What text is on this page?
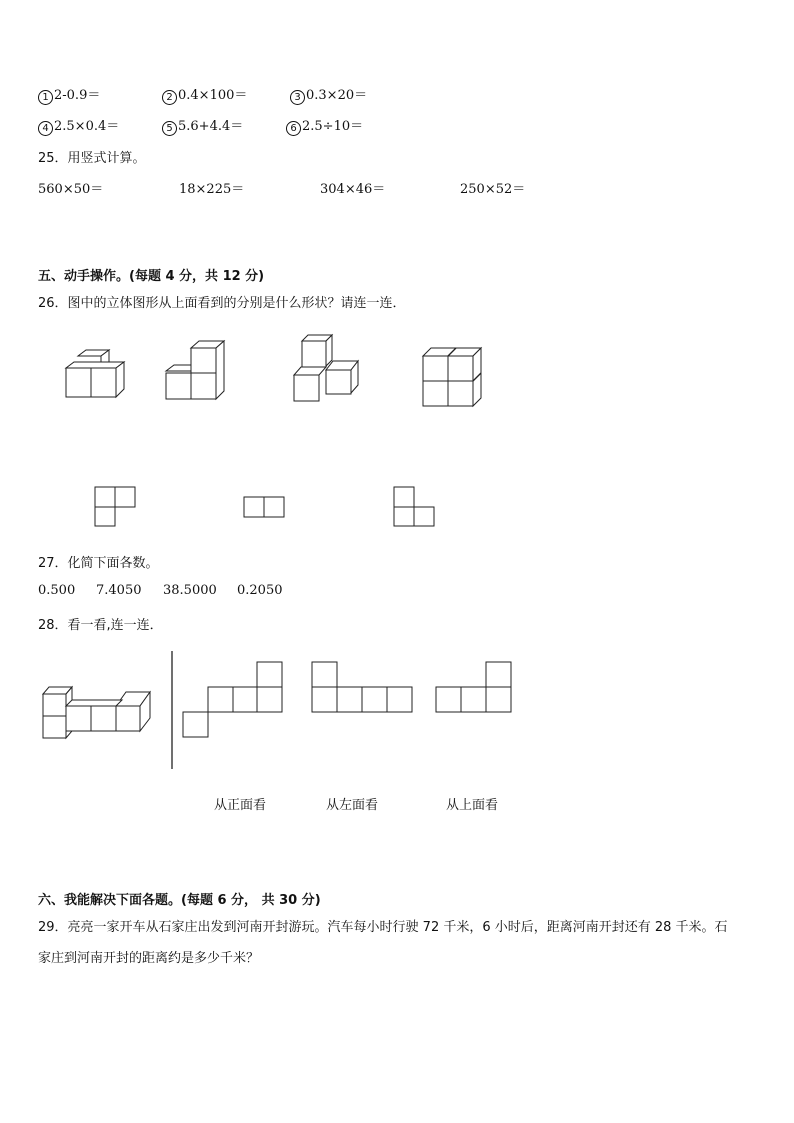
1 2-0.9＝	2 0.4×100＝	3 0.3×20＝
4 2.5×0.4＝	5 5.6+4.4＝	6 2.5÷10＝
25．用竖式计算。
560×50＝	18×225＝	304×46＝	250×52＝
五、动手操作。(每题 4 分，共 12 分)
26．图中的立体图形从上面看到的分别是什么形状？请连一连．
27．化简下面各数。
0.500 7.4050 38.5000 0.2050
28．看一看,连一连．
从正面看	从左面看	从上面看
六、我能解决下面各题。(每题 6 分， 共 30 分)
29．亮亮一家开车从石家庄出发到河南开封游玩。汽车每小时行驶 72 千米，6 小时后，距离河南开封还有 28 千米。石
家庄到河南开封的距离约是多少千米？
